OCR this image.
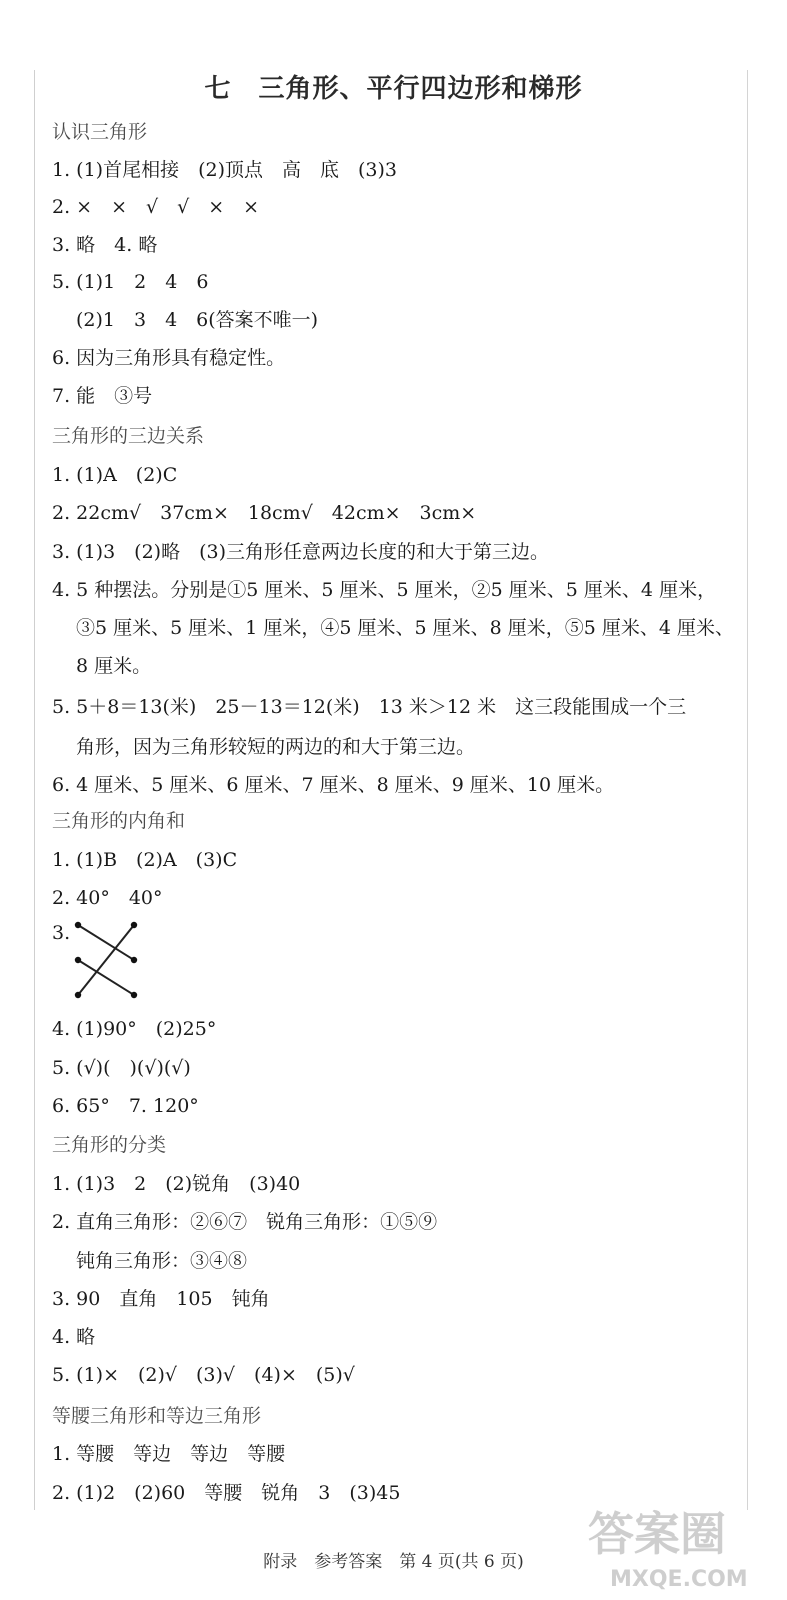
七　三角形、平行四边形和梯形
认识三角形
1. (1)首尾相接　(2)顶点　高　底　(3)3
2. ×　×　√　√　×　×
3. 略　4. 略
5. (1)1　2　4　6
(2)1　3　4　6(答案不唯一)
6. 因为三角形具有稳定性。
7. 能　③号
三角形的三边关系
1. (1)A　(2)C
2. 22cm√　37cm×　18cm√　42cm×　3cm×
3. (1)3　(2)略　(3)三角形任意两边长度的和大于第三边。
4. 5 种摆法。分别是①5 厘米、5 厘米、5 厘米，②5 厘米、5 厘米、4 厘米，
③5 厘米、5 厘米、1 厘米，④5 厘米、5 厘米、8 厘米，⑤5 厘米、4 厘米、
8 厘米。
5. 5＋8＝13(米)　25－13＝12(米)　13 米＞12 米　这三段能围成一个三
角形，因为三角形较短的两边的和大于第三边。
6. 4 厘米、5 厘米、6 厘米、7 厘米、8 厘米、9 厘米、10 厘米。
三角形的内角和
1. (1)B　(2)A　(3)C
2. 40°　40°
3.
4. (1)90°　(2)25°
5. (√)(　)(√)(√)
6. 65°　7. 120°
三角形的分类
1. (1)3　2　(2)锐角　(3)40
2. 直角三角形：②⑥⑦　锐角三角形：①⑤⑨
钝角三角形：③④⑧
3. 90　直角　105　钝角
4. 略
5. (1)×　(2)√　(3)√　(4)×　(5)√
等腰三角形和等边三角形
1. 等腰　等边　等边　等腰
2. (1)2　(2)60　等腰　锐角　3　(3)45
附录　参考答案　第 4 页(共 6 页)
答案圈
MXQE.COM
